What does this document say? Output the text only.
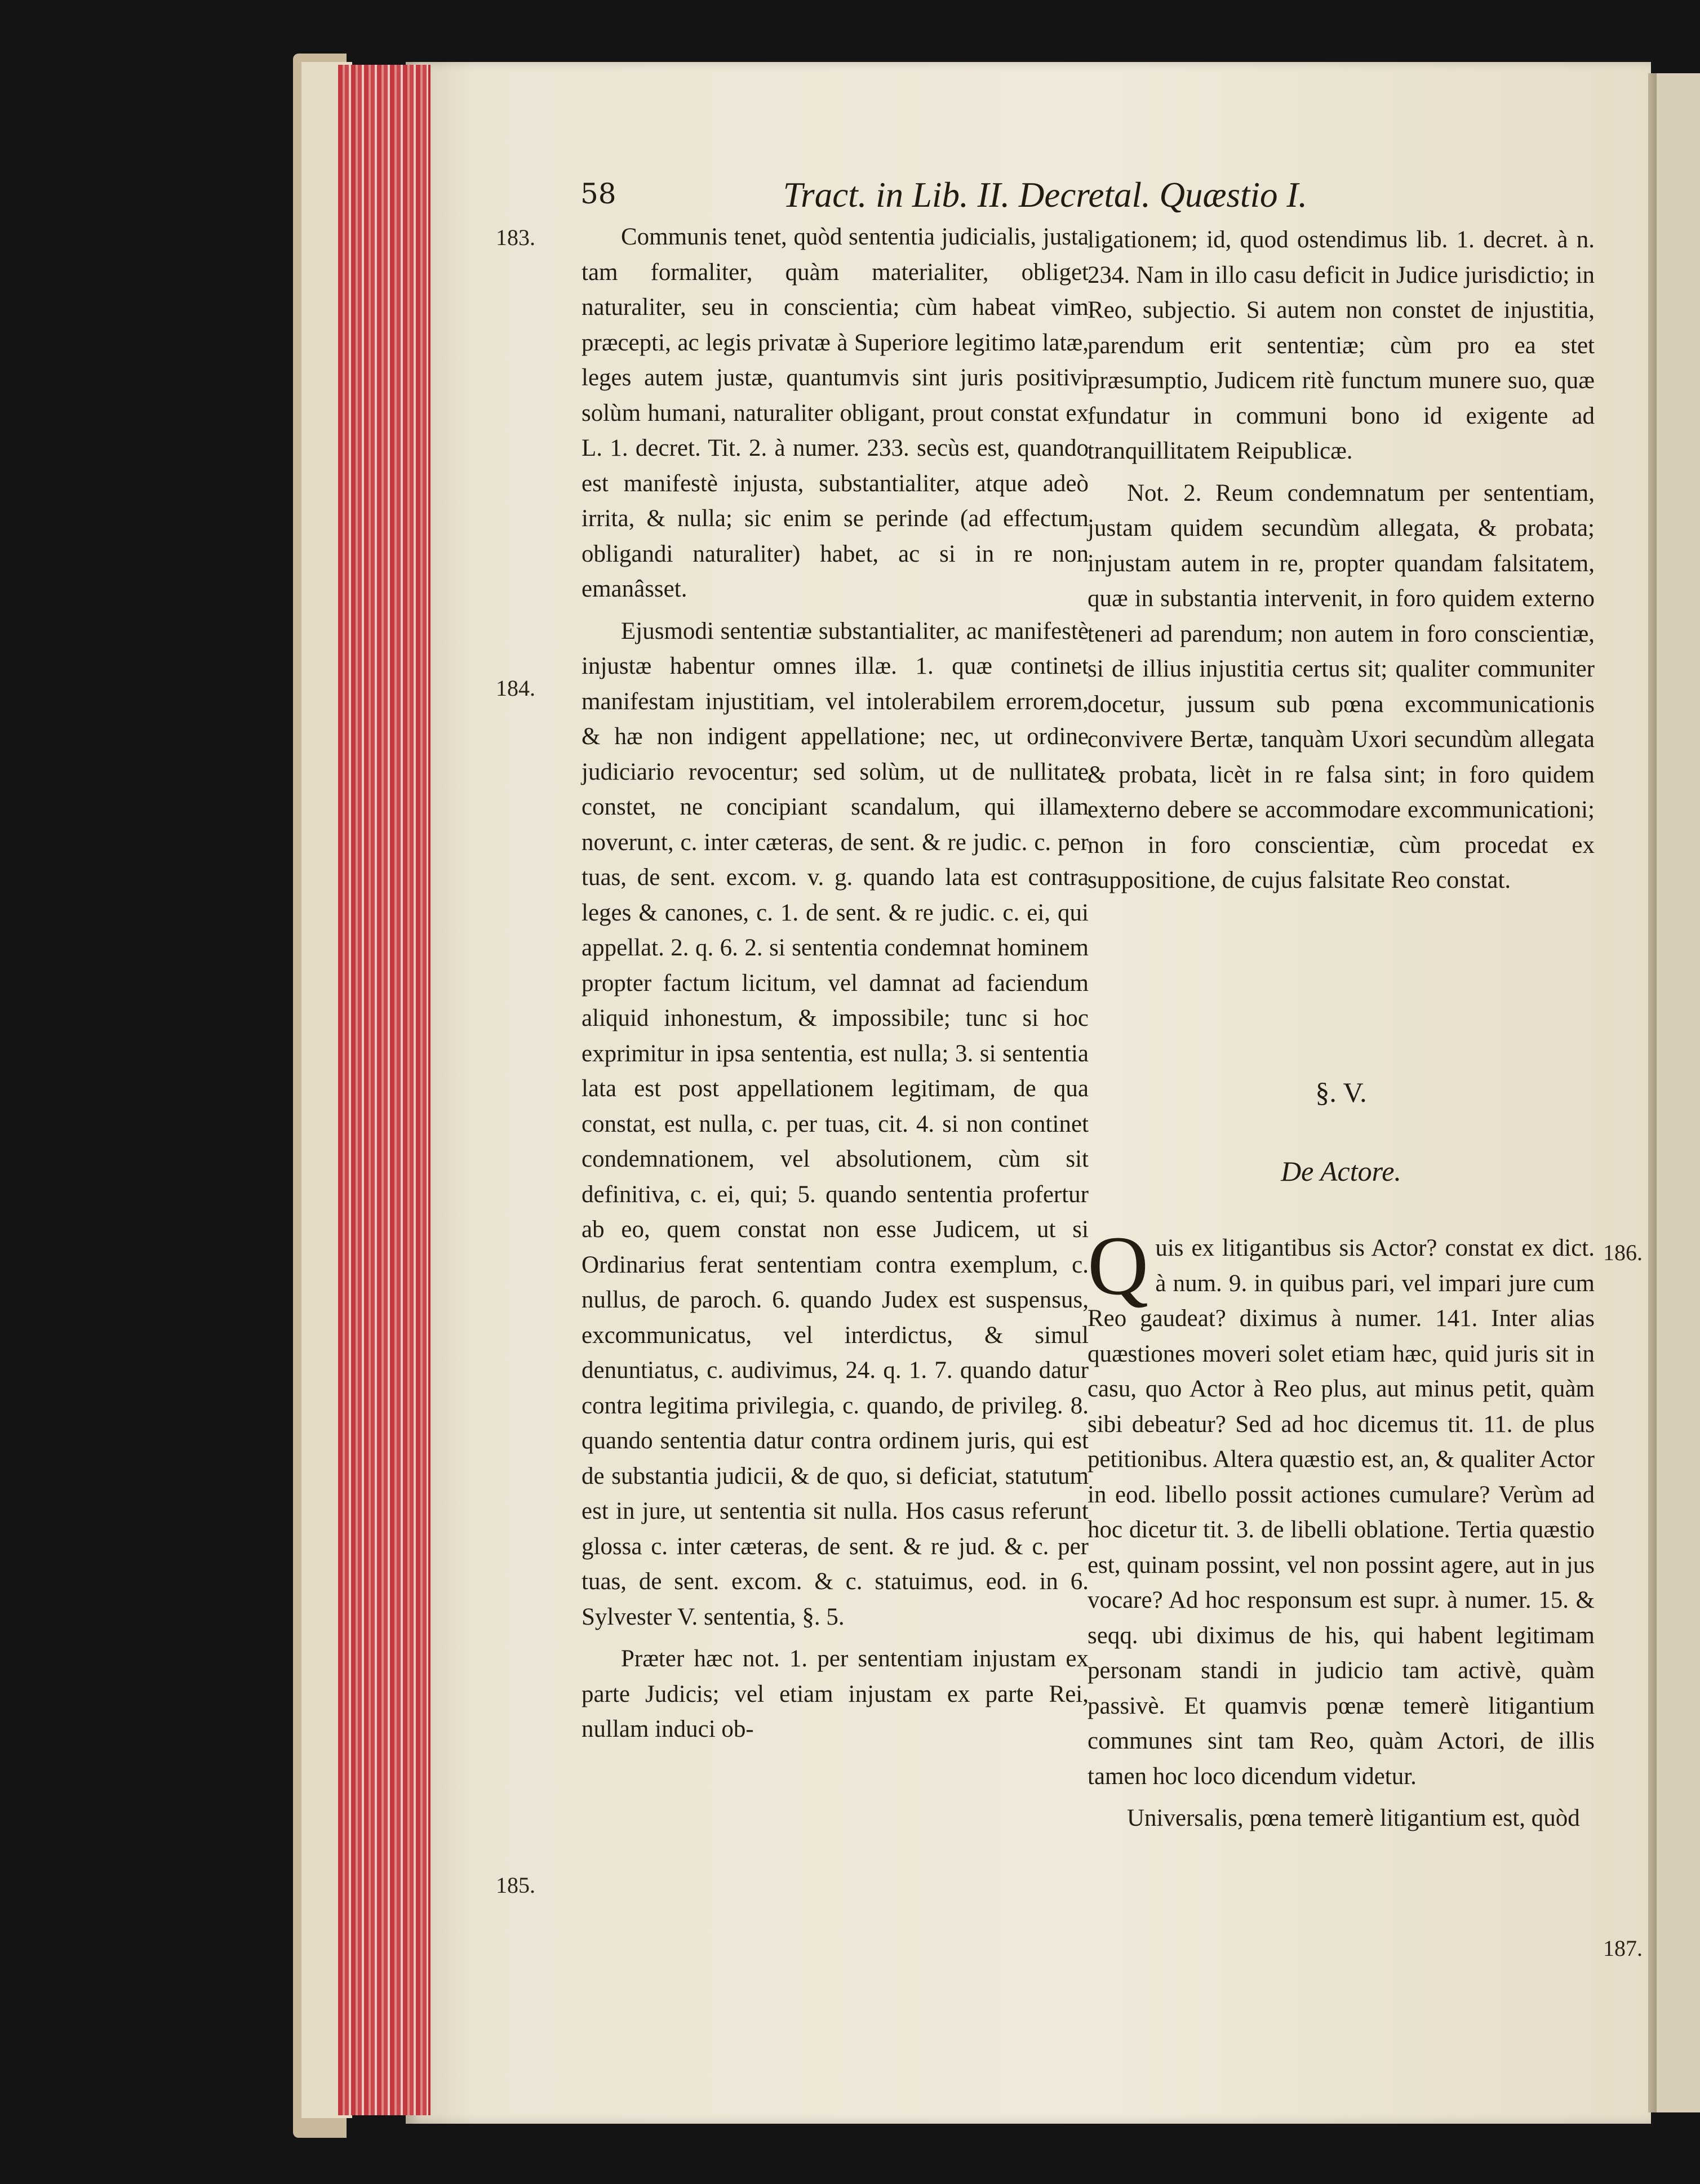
58	Tract. in Lib. II. Decretal. Quæstio I.
183.
184.
185.
186.
187.

Communis tenet, quòd sententia judicialis, justa tam formaliter, quàm materialiter, obliget naturaliter, seu in conscientia; cùm habeat vim præcepti, ac legis privatæ à Superiore legitimo latæ, leges autem justæ, quantumvis sint juris positivi solùm humani, naturaliter obligant, prout constat ex L. 1. decret. Tit. 2. à numer. 233. secùs est, quando est manifestè injusta, substantialiter, atque adeò irrita, & nulla; sic enim se perinde (ad effectum obligandi naturaliter) habet, ac si in re non emanâsset.

Ejusmodi sententiæ substantialiter, ac manifestè injustæ habentur omnes illæ. 1. quæ continet manifestam injustitiam, vel intolerabilem errorem, & hæ non indigent appellatione; nec, ut ordine judiciario revocentur; sed solùm, ut de nullitate constet, ne concipiant scandalum, qui illam noverunt, c. inter cæteras, de sent. & re judic. c. per tuas, de sent. excom. v. g. quando lata est contra leges & canones, c. 1. de sent. & re judic. c. ei, qui appellat. 2. q. 6. 2. si sententia condemnat hominem propter factum licitum, vel damnat ad faciendum aliquid inhonestum, & impossibile; tunc si hoc exprimitur in ipsa sententia, est nulla; 3. si sententia lata est post appellationem legitimam, de qua constat, est nulla, c. per tuas, cit. 4. si non continet condemnationem, vel absolutionem, cùm sit definitiva, c. ei, qui; 5. quando sententia profertur ab eo, quem constat non esse Judicem, ut si Ordinarius ferat sententiam contra exemplum, c. nullus, de paroch. 6. quando Judex est suspensus, excommunicatus, vel interdictus, & simul denuntiatus, c. audivimus, 24. q. 1. 7. quando datur contra legitima privilegia, c. quando, de privileg. 8. quando sententia datur contra ordinem juris, qui est de substantia judicii, & de quo, si deficiat, statutum est in jure, ut sententia sit nulla. Hos casus referunt glossa c. inter cæteras, de sent. & re jud. & c. per tuas, de sent. excom. & c. statuimus, eod. in 6. Sylvester V. sententia, §. 5.

Præter hæc not. 1. per sententiam injustam ex parte Judicis; vel etiam injustam ex parte Rei, nullam induci ob-

ligationem; id, quod ostendimus lib. 1. decret. à n. 234. Nam in illo casu deficit in Judice jurisdictio; in Reo, subjectio. Si autem non constet de injustitia, parendum erit sententiæ; cùm pro ea stet præsumptio, Judicem ritè functum munere suo, quæ fundatur in communi bono id exigente ad tranquillitatem Reipublicæ.

Not. 2. Reum condemnatum per sententiam, justam quidem secundùm allegata, & probata; injustam autem in re, propter quandam falsitatem, quæ in substantia intervenit, in foro quidem externo teneri ad parendum; non autem in foro conscientiæ, si de illius injustitia certus sit; qualiter communiter docetur, jussum sub pœna excommunicationis convivere Bertæ, tanquàm Uxori secundùm allegata & probata, licèt in re falsa sint; in foro quidem externo debere se accommodare excommunicationi; non in foro conscientiæ, cùm procedat ex suppositione, de cujus falsitate Reo constat.

§. V.
De Actore.

Quis ex litigantibus sis Actor? constat ex dict. à num. 9. in quibus pari, vel impari jure cum Reo gaudeat? diximus à numer. 141. Inter alias quæstiones moveri solet etiam hæc, quid juris sit in casu, quo Actor à Reo plus, aut minus petit, quàm sibi debeatur? Sed ad hoc dicemus tit. 11. de plus petitionibus. Altera quæstio est, an, & qualiter Actor in eod. libello possit actiones cumulare? Verùm ad hoc dicetur tit. 3. de libelli oblatione. Tertia quæstio est, quinam possint, vel non possint agere, aut in jus vocare? Ad hoc responsum est supr. à numer. 15. & seqq. ubi diximus de his, qui habent legitimam personam standi in judicio tam activè, quàm passivè. Et quamvis pœnæ temerè litigantium communes sint tam Reo, quàm Actori, de illis tamen hoc loco dicendum videtur.

Universalis, pœna temerè litigantium est, quòd
